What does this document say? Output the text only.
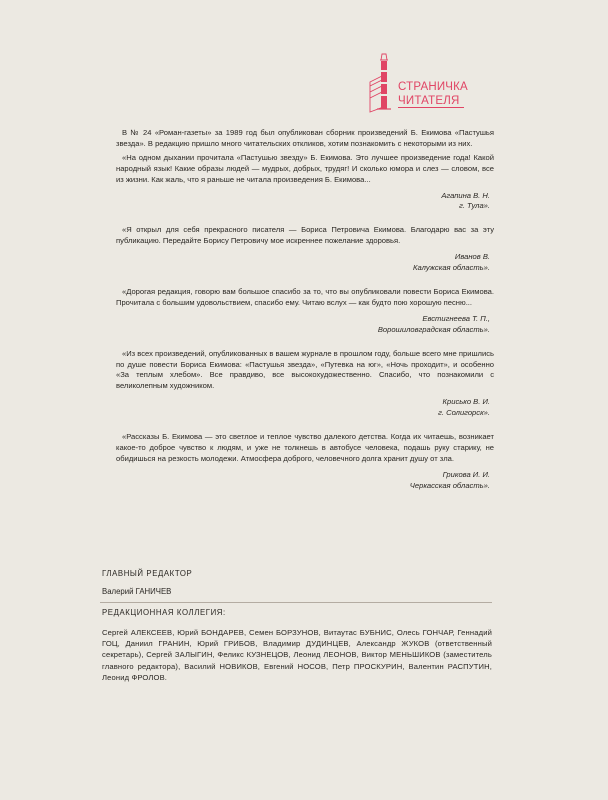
СТРАНИЧКА
ЧИТАТЕЛЯ

В № 24 «Роман-газеты» за 1989 год был опубликован сборник произведений Б. Екимова «Пастушья звезда». В редакцию пришло много читательских откликов, хотим познакомить с некоторыми из них.

«На одном дыхании прочитала «Пастушью звезду» Б. Екимова. Это лучшее произведение года! Какой народный язык! Какие образы людей — мудрых, добрых, трудяг! И сколько юмора и слез — словом, все из жизни. Как жаль, что я раньше не читала произведения Б. Екимова...

Агапина В. Н.
г. Тула».

«Я открыл для себя прекрасного писателя — Бориса Петровича Екимова. Благодарю вас за эту публикацию. Передайте Борису Петровичу мое искреннее пожелание здоровья.

Иванов В.
Калужская область».

«Дорогая редакция, говорю вам большое спасибо за то, что вы опубликовали повести Бориса Екимова. Прочитала с большим удовольствием, спасибо ему. Читаю вслух — как будто пою хорошую песню...

Евстигнеева Т. П.,
Ворошиловградская область».

«Из всех произведений, опубликованных в вашем журнале в прошлом году, больше всего мне пришлись по душе повести Бориса Екимова: «Пастушья звезда», «Путевка на юг», «Ночь проходит», и особенно «За теплым хлебом». Все правдиво, все высокохудожественно. Спасибо, что познакомили с великолепным художником.

Крисько В. И.
г. Солигорск».

«Рассказы Б. Екимова — это светлое и теплое чувство далекого детства. Когда их читаешь, возникает какое-то доброе чувство к людям, и уже не толкнешь в автобусе человека, подашь руку старику, не обидишься на резкость молодежи. Атмосфера доброго, человечного долга хранит душу от зла.

Грикова И. И.
Черкасская область».
ГЛАВНЫЙ РЕДАКТОР
Валерий ГАНИЧЕВ
РЕДАКЦИОННАЯ КОЛЛЕГИЯ:
Сергей АЛЕКСЕЕВ, Юрий БОНДАРЕВ, Семен БОРЗУНОВ, Витаутас БУБНИС, Олесь ГОНЧАР, Геннадий ГОЦ, Даниил ГРАНИН, Юрий ГРИБОВ, Владимир ДУДИНЦЕВ, Александр ЖУКОВ (ответственный секретарь), Сергей ЗАЛЫГИН, Феликс КУЗНЕЦОВ, Леонид ЛЕОНОВ, Виктор МЕНЬШИКОВ (заместитель главного редактора), Василий НОВИКОВ, Евгений НОСОВ, Петр ПРОСКУРИН, Валентин РАСПУТИН, Леонид ФРОЛОВ.
